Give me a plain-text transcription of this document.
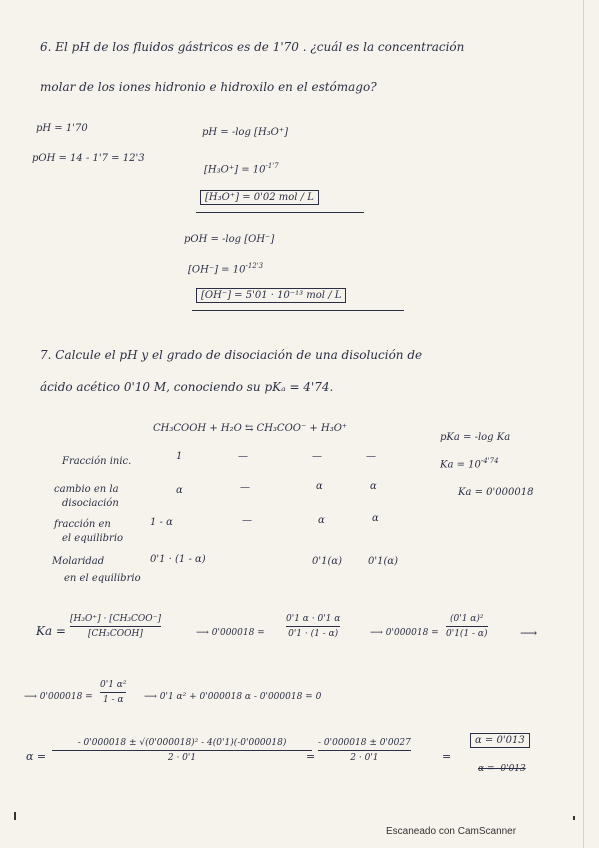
6. El pH de los fluidos gástricos es de 1'70 . ¿cuál es la concentración
molar de los iones hidronio e hidroxilo en el estómago?
pH = 1'70
pOH = 14 - 1'7 = 12'3
pH = -log [H₃O⁺]
$[H_3O^+] = 10^{-1'7}$
[H₃O⁺] = 0'02 mol / L
pOH = -log [OH⁻]
$[OH^-] = 10^{-12'3}$
[OH⁻] = 5'01 · 10⁻¹³ mol / L
7. Calcule el pH y el grado de disociación de una disolución de
ácido acético 0'10 M, conociendo su pKₐ = 4'74.
CH₃COOH + H₂O ⇆ CH₃COO⁻ + H₃O⁺
pKa = -log Ka
$Ka = 10^{-4'74}$
Ka = 0'000018
Fracción inic.	1	—	—	—
cambio en la
disociación
α	—	α	α
fracción en
el equilibrio
1 - α	—	α	α
Molaridad
en el equilibrio
0'1 · (1 - α)	0'1(α)	0'1(α)
Ka =
[H₃O⁺] · [CH₃COO⁻]
[CH₃COOH]	⟶ 0'000018 =
0'1 α · 0'1 α
0'1 · (1 - α)	⟶ 0'000018 =
(0'1 α)²
0'1(1 - α)	⟶
⟶ 0'000018 =
0'1 α²
1 - α ⟶ 0'1 α² + 0'000018 α - 0'000018 = 0
α =
- 0'000018 ± √(0'000018)² - 4(0'1)(-0'000018)
2 · 0'1	=
- 0'000018 ± 0'0027
2 · 0'1	=
α = 0'013
α = -0'013
Escaneado con CamScanner
